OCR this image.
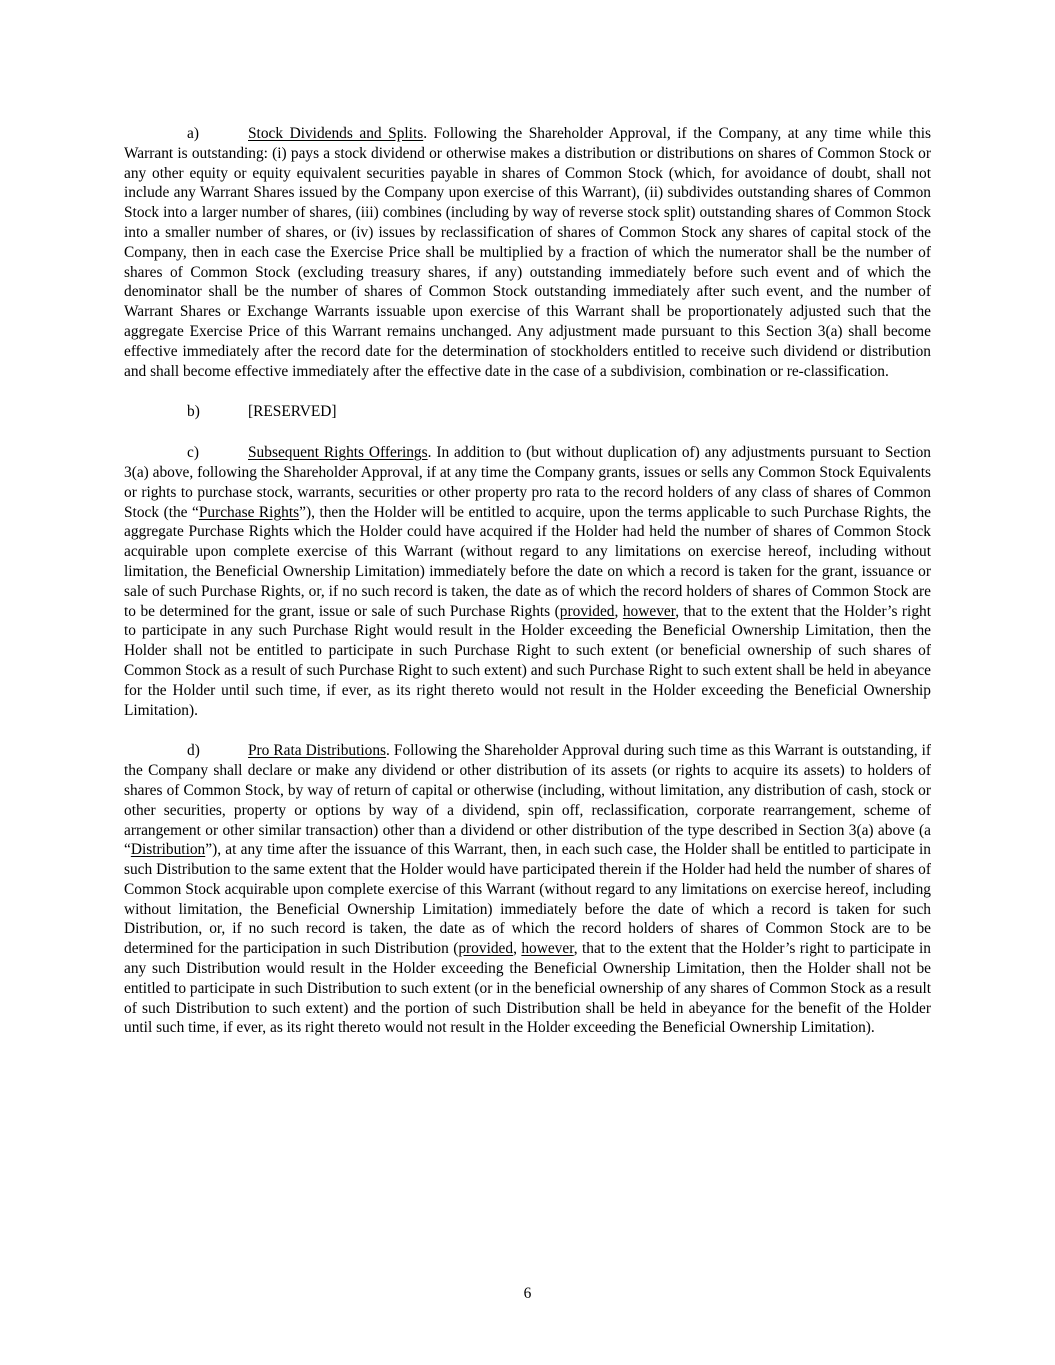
a)	Stock Dividends and Splits. Following the Shareholder Approval, if the Company, at any time while this Warrant is outstanding: (i) pays a stock dividend or otherwise makes a distribution or distributions on shares of Common Stock or any other equity or equity equivalent securities payable in shares of Common Stock (which, for avoidance of doubt, shall not include any Warrant Shares issued by the Company upon exercise of this Warrant), (ii) subdivides outstanding shares of Common Stock into a larger number of shares, (iii) combines (including by way of reverse stock split) outstanding shares of Common Stock into a smaller number of shares, or (iv) issues by reclassification of shares of Common Stock any shares of capital stock of the Company, then in each case the Exercise Price shall be multiplied by a fraction of which the numerator shall be the number of shares of Common Stock (excluding treasury shares, if any) outstanding immediately before such event and of which the denominator shall be the number of shares of Common Stock outstanding immediately after such event, and the number of Warrant Shares or Exchange Warrants issuable upon exercise of this Warrant shall be proportionately adjusted such that the aggregate Exercise Price of this Warrant remains unchanged. Any adjustment made pursuant to this Section 3(a) shall become effective immediately after the record date for the determination of stockholders entitled to receive such dividend or distribution and shall become effective immediately after the effective date in the case of a subdivision, combination or re-classification.

b)	[RESERVED]

c)	Subsequent Rights Offerings. In addition to (but without duplication of) any adjustments pursuant to Section 3(a) above, following the Shareholder Approval, if at any time the Company grants, issues or sells any Common Stock Equivalents or rights to purchase stock, warrants, securities or other property pro rata to the record holders of any class of shares of Common Stock (the “Purchase Rights”), then the Holder will be entitled to acquire, upon the terms applicable to such Purchase Rights, the aggregate Purchase Rights which the Holder could have acquired if the Holder had held the number of shares of Common Stock acquirable upon complete exercise of this Warrant (without regard to any limitations on exercise hereof, including without limitation, the Beneficial Ownership Limitation) immediately before the date on which a record is taken for the grant, issuance or sale of such Purchase Rights, or, if no such record is taken, the date as of which the record holders of shares of Common Stock are to be determined for the grant, issue or sale of such Purchase Rights (provided, however, that to the extent that the Holder’s right to participate in any such Purchase Right would result in the Holder exceeding the Beneficial Ownership Limitation, then the Holder shall not be entitled to participate in such Purchase Right to such extent (or beneficial ownership of such shares of Common Stock as a result of such Purchase Right to such extent) and such Purchase Right to such extent shall be held in abeyance for the Holder until such time, if ever, as its right thereto would not result in the Holder exceeding the Beneficial Ownership Limitation).

d)	Pro Rata Distributions. Following the Shareholder Approval during such time as this Warrant is outstanding, if the Company shall declare or make any dividend or other distribution of its assets (or rights to acquire its assets) to holders of shares of Common Stock, by way of return of capital or otherwise (including, without limitation, any distribution of cash, stock or other securities, property or options by way of a dividend, spin off, reclassification, corporate rearrangement, scheme of arrangement or other similar transaction) other than a dividend or other distribution of the type described in Section 3(a) above (a “Distribution”), at any time after the issuance of this Warrant, then, in each such case, the Holder shall be entitled to participate in such Distribution to the same extent that the Holder would have participated therein if the Holder had held the number of shares of Common Stock acquirable upon complete exercise of this Warrant (without regard to any limitations on exercise hereof, including without limitation, the Beneficial Ownership Limitation) immediately before the date of which a record is taken for such Distribution, or, if no such record is taken, the date as of which the record holders of shares of Common Stock are to be determined for the participation in such Distribution (provided, however, that to the extent that the Holder’s right to participate in any such Distribution would result in the Holder exceeding the Beneficial Ownership Limitation, then the Holder shall not be entitled to participate in such Distribution to such extent (or in the beneficial ownership of any shares of Common Stock as a result of such Distribution to such extent) and the portion of such Distribution shall be held in abeyance for the benefit of the Holder until such time, if ever, as its right thereto would not result in the Holder exceeding the Beneficial Ownership Limitation).

6
